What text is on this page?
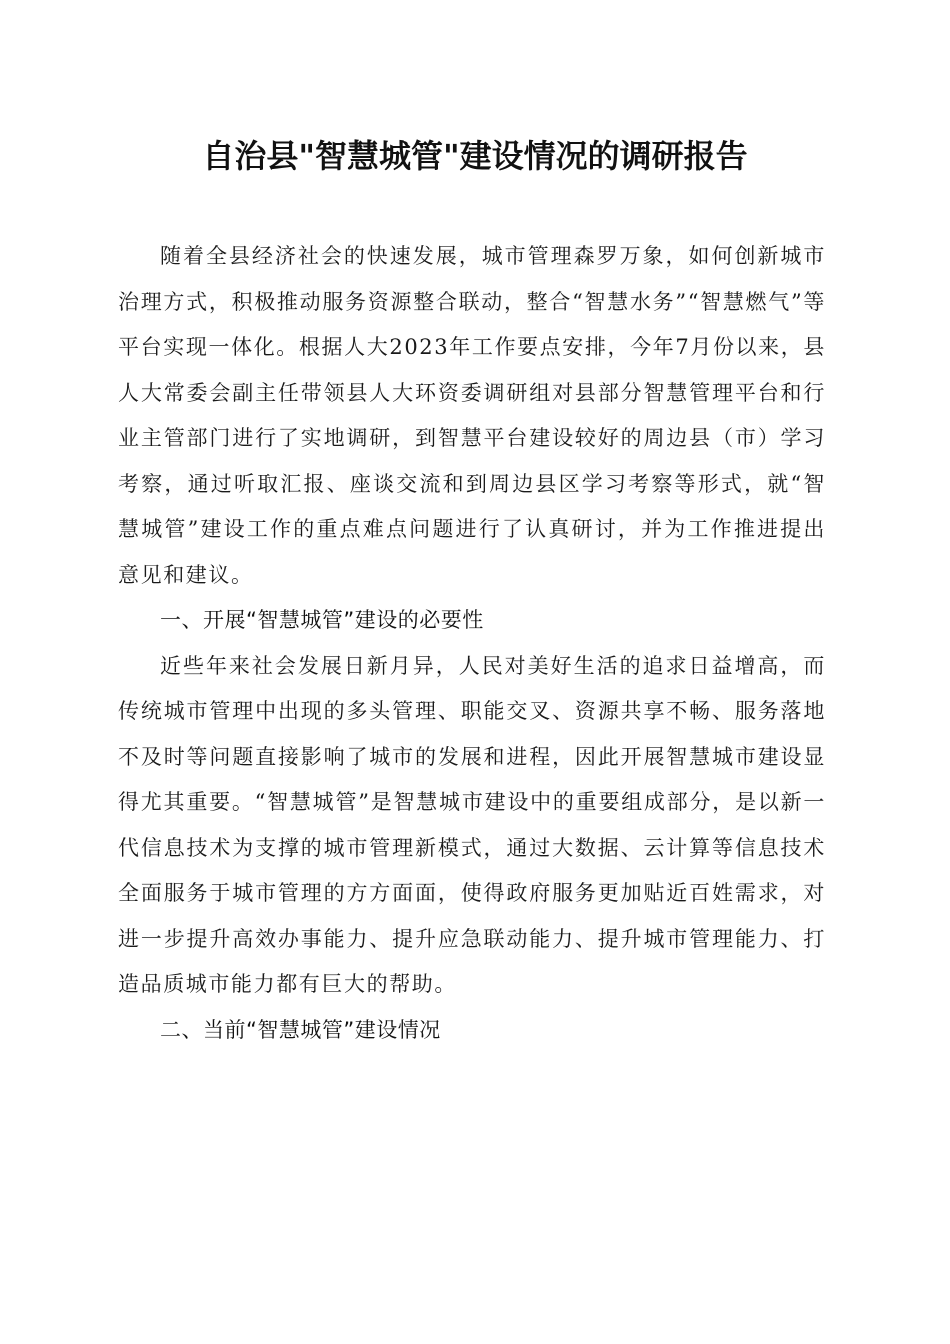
自治县"智慧城管"建设情况的调研报告

随着全县经济社会的快速发展，城市管理森罗万象，如何创新城市治理方式，积极推动服务资源整合联动，整合“智慧水务”“智慧燃气”等平台实现一体化。根据人大2023年工作要点安排，今年7月份以来，县人大常委会副主任带领县人大环资委调研组对县部分智慧管理平台和行业主管部门进行了实地调研，到智慧平台建设较好的周边县（市）学习考察，通过听取汇报、座谈交流和到周边县区学习考察等形式，就“智慧城管”建设工作的重点难点问题进行了认真研讨，并为工作推进提出意见和建议。

一、开展“智慧城管”建设的必要性

近些年来社会发展日新月异，人民对美好生活的追求日益增高，而传统城市管理中出现的多头管理、职能交叉、资源共享不畅、服务落地不及时等问题直接影响了城市的发展和进程，因此开展智慧城市建设显得尤其重要。“智慧城管”是智慧城市建设中的重要组成部分，是以新一代信息技术为支撑的城市管理新模式，通过大数据、云计算等信息技术全面服务于城市管理的方方面面，使得政府服务更加贴近百姓需求，对进一步提升高效办事能力、提升应急联动能力、提升城市管理能力、打造品质城市能力都有巨大的帮助。

二、当前“智慧城管”建设情况
